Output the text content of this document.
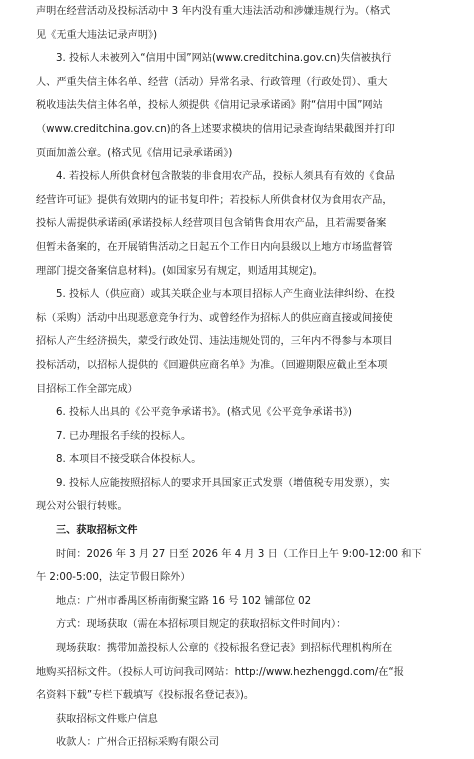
声明在经营活动及投标活动中 3 年内没有重大违法活动和涉嫌违规行为。（格式
见《无重大违法记录声明》)
3. 投标人未被列入“信用中国”网站(www.creditchina.gov.cn)失信被执行
人、严重失信主体名单、经营（活动）异常名录、行政管理（行政处罚）、重大
税收违法失信主体名单，投标人须提供《信用记录承诺函》附“信用中国”网站
（www.creditchina.gov.cn)的各上述要求模块的信用记录查询结果截图并打印
页面加盖公章。(格式见《信用记录承诺函》)
4. 若投标人所供食材包含散装的非食用农产品，投标人须具有有效的《食品
经营许可证》提供有效期内的证书复印件；若投标人所供食材仅为食用农产品，
投标人需提供承诺函(承诺投标人经营项目包含销售食用农产品，且若需要备案
但暂未备案的，在开展销售活动之日起五个工作日内向县级以上地方市场监督管
理部门提交备案信息材料)。(如国家另有规定，则适用其规定)。
5. 投标人（供应商）或其关联企业与本项目招标人产生商业法律纠纷、在投
标（采购）活动中出现恶意竞争行为、或曾经作为招标人的供应商直接或间接使
招标人产生经济损失，蒙受行政处罚、违法违规处罚的，三年内不得参与本项目
投标活动，以招标人提供的《回避供应商名单》为准。（回避期限应截止至本项
目招标工作全部完成）
6. 投标人出具的《公平竞争承诺书》。(格式见《公平竞争承诺书》)
7. 已办理报名手续的投标人。
8. 本项目不接受联合体投标人。
9. 投标人应能按照招标人的要求开具国家正式发票（增值税专用发票），实
现公对公银行转账。
三、获取招标文件
时间：2026 年 3 月 27 日至 2026 年 4 月 3 日（工作日上午 9:00-12:00 和下
午 2:00-5:00，法定节假日除外）
地点：广州市番禺区桥南街聚宝路 16 号 102 铺部位 02
方式：现场获取（需在本招标项目规定的获取招标文件时间内）：
现场获取：携带加盖投标人公章的《投标报名登记表》到招标代理机构所在
地购买招标文件。（投标人可访问我司网站：http://www.hezhenggd.com/在“报
名资料下载”专栏下载填写《投标报名登记表》)。
获取招标文件账户信息
收款人：广州合正招标采购有限公司
